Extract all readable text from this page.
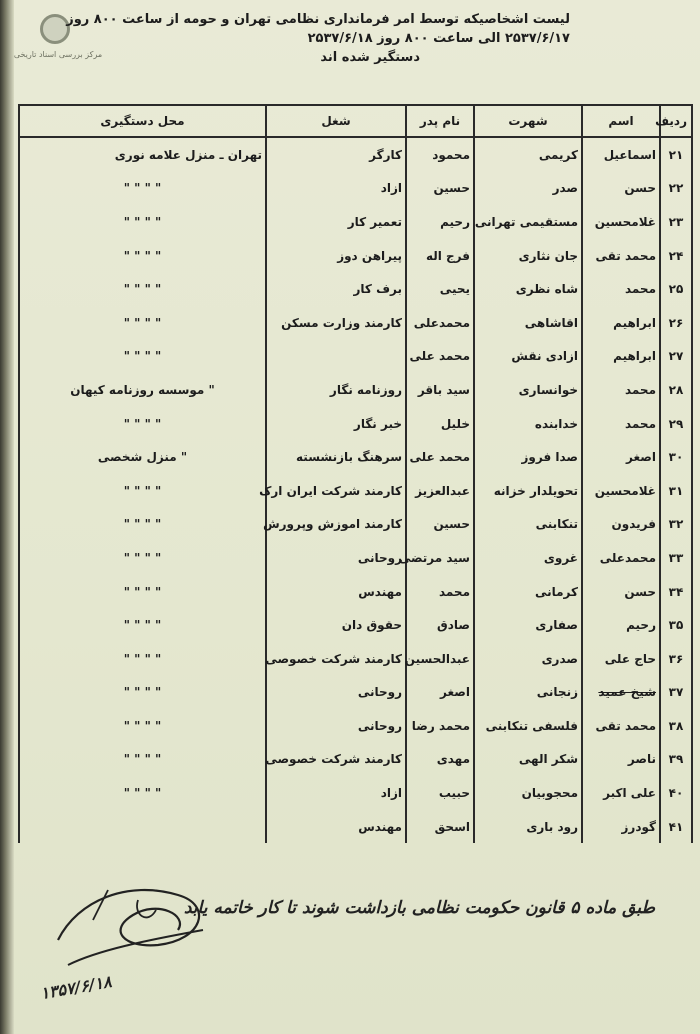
مرکز بررسی اسناد تاریخی
لیست اشخاصیکه توسط امر فرمانداری نظامی تهران و حومه از ساعت ۸۰۰ روز
۲۵۳۷/۶/۱۷ الی ساعت ۸۰۰ روز ۲۵۳۷/۶/۱۸
دستگیر شده اند
ردیف	اسم	شهرت	نام پدر	شغل	محل دستگیری
۲۱	اسماعیل	کریمی	محمود	کارگر	تهران ـ منزل علامه نوری
۲۲	حسن	صدر	حسین	ازاد	" " " "
۲۳	غلامحسین	مستقیمی تهرانی	رحیم	تعمیر کار	" " " "
۲۴	محمد تقی	جان نثاری	فرج اله	پیراهن دوز	" " " "
۲۵	محمد	شاه نظری	یحیی	برف کار	" " " "
۲۶	ابراهیم	اقاشاهی	محمدعلی	کارمند وزارت مسکن	" " " "
۲۷	ابراهیم	ازادی نقش	محمد علی		" " " "
۲۸	محمد	خوانساری	سید باقر	روزنامه نگار	" موسسه روزنامه کیهان
۲۹	محمد	خدابنده	خلیل	خبر نگار	" " " "
۳۰	اصغر	صدا فروز	محمد علی	سرهنگ بازنشسته	" منزل شخصی
۳۱	غلامحسین	تحویلدار خزانه	عبدالعزیز	کارمند شرکت ایران ارک	" " " "
۳۲	فریدون	تنکابنی	حسین	کارمند اموزش وپرورش	" " " "
۳۳	محمدعلی	غروی	سید مرتضی	روحانی	" " " "
۳۴	حسن	کرمانی	محمد	مهندس	" " " "
۳۵	رحیم	صفاری	صادق	حقوق دان	" " " "
۳۶	حاج علی	صدری	عبدالحسین	کارمند شرکت خصوصی	" " " "
۳۷	شیخ عمید	زنجانی	اصغر	روحانی	" " " "
۳۸	محمد تقی	فلسفی تنکابنی	محمد رضا	روحانی	" " " "
۳۹	ناصر	شکر الهی	مهدی	کارمند شرکت خصوصی	" " " "
۴۰	علی اکبر	محجوبیان	حبیب	ازاد	" " " "
۴۱	گودرز	رود باری	اسحق	مهندس	
۱۳۵۷/۶/۱۸
طبق ماده ۵ قانون حکومت نظامی بازداشت شوند تا کار خاتمه یابد
